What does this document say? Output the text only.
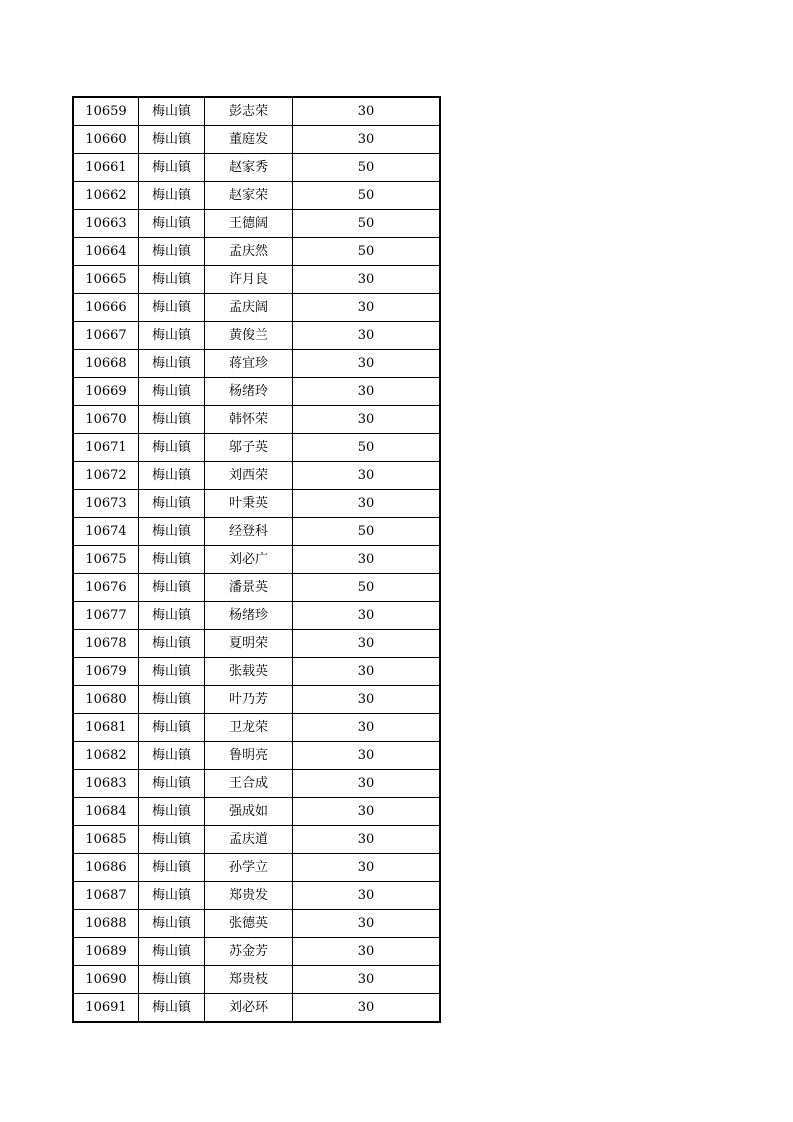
10659	梅山镇	彭志荣	30
10660	梅山镇	董庭发	30
10661	梅山镇	赵家秀	50
10662	梅山镇	赵家荣	50
10663	梅山镇	王德阔	50
10664	梅山镇	孟庆然	50
10665	梅山镇	许月良	30
10666	梅山镇	孟庆阔	30
10667	梅山镇	黄俊兰	30
10668	梅山镇	蒋宜珍	30
10669	梅山镇	杨绪玲	30
10670	梅山镇	韩怀荣	30
10671	梅山镇	邬子英	50
10672	梅山镇	刘西荣	30
10673	梅山镇	叶秉英	30
10674	梅山镇	经登科	50
10675	梅山镇	刘必广	30
10676	梅山镇	潘景英	50
10677	梅山镇	杨绪珍	30
10678	梅山镇	夏明荣	30
10679	梅山镇	张载英	30
10680	梅山镇	叶乃芳	30
10681	梅山镇	卫龙荣	30
10682	梅山镇	鲁明亮	30
10683	梅山镇	王合成	30
10684	梅山镇	强成如	30
10685	梅山镇	孟庆道	30
10686	梅山镇	孙学立	30
10687	梅山镇	郑贵发	30
10688	梅山镇	张德英	30
10689	梅山镇	苏金芳	30
10690	梅山镇	郑贵枝	30
10691	梅山镇	刘必环	30
